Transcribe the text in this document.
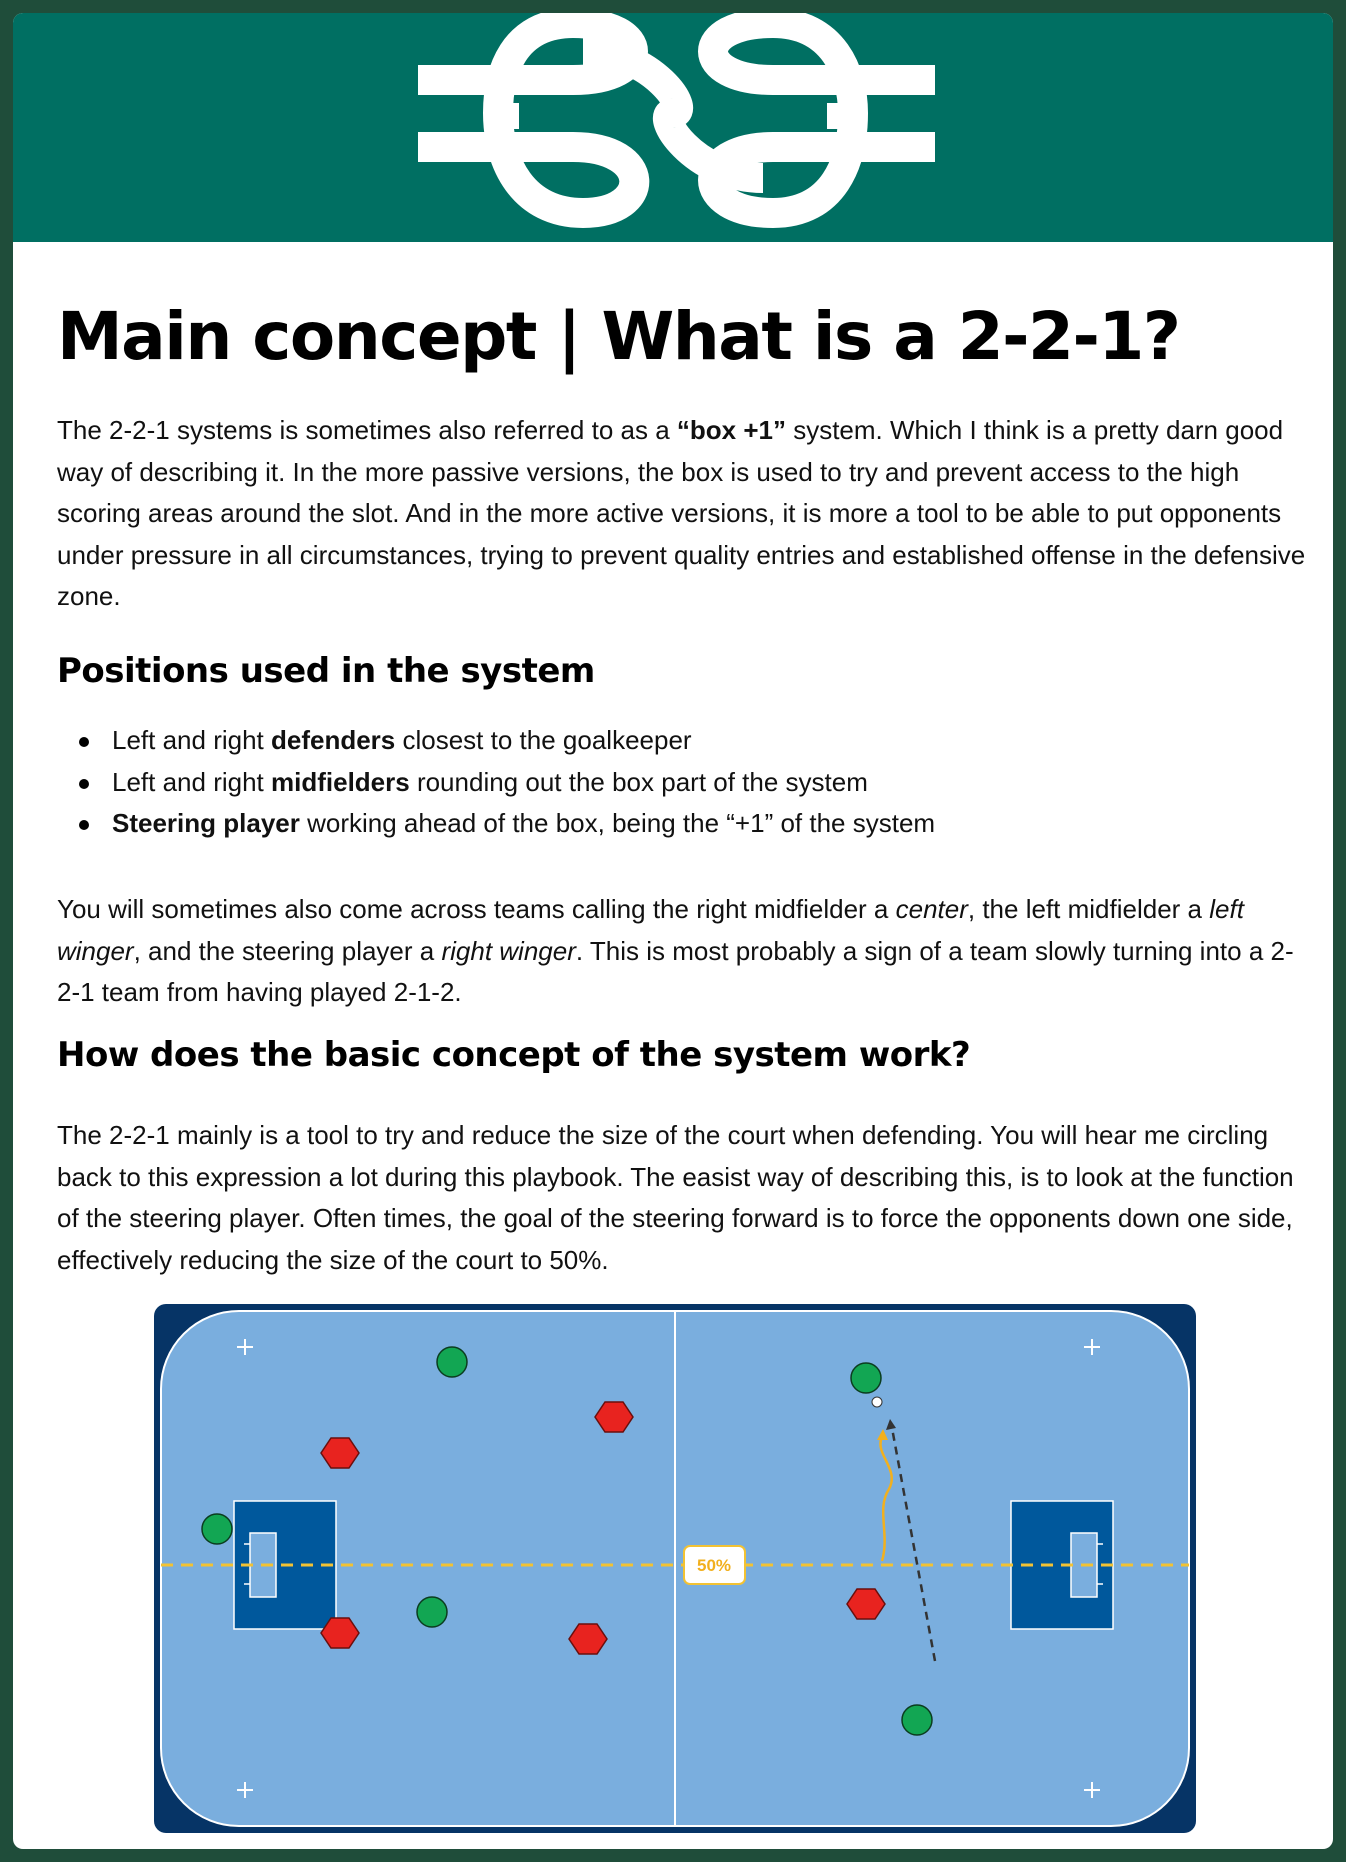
Main concept | What is a 2-2-1?
The 2-2-1 systems is sometimes also referred to as a “box +1” system. Which I think is a pretty darn good way of describing it. In the more passive versions, the box is used to try and prevent access to the high scoring areas around the slot. And in the more active versions, it is more a tool to be able to put opponents under pressure in all circumstances, trying to prevent quality entries and established offense in the defensive zone.
Positions used in the system
Left and right defenders closest to the goalkeeper
Left and right midfielders rounding out the box part of the system
Steering player working ahead of the box, being the “+1” of the system
You will sometimes also come across teams calling the right midfielder a center, the left midfielder a left winger, and the steering player a right winger. This is most probably a sign of a team slowly turning into a 2-2-1 team from having played 2-1-2.
How does the basic concept of the system work?
The 2-2-1 mainly is a tool to try and reduce the size of the court when defending. You will hear me circling back to this expression a lot during this playbook. The easist way of describing this, is to look at the function of the steering player. Often times, the goal of the steering forward is to force the opponents down one side, effectively reducing the size of the court to 50%.
50%
